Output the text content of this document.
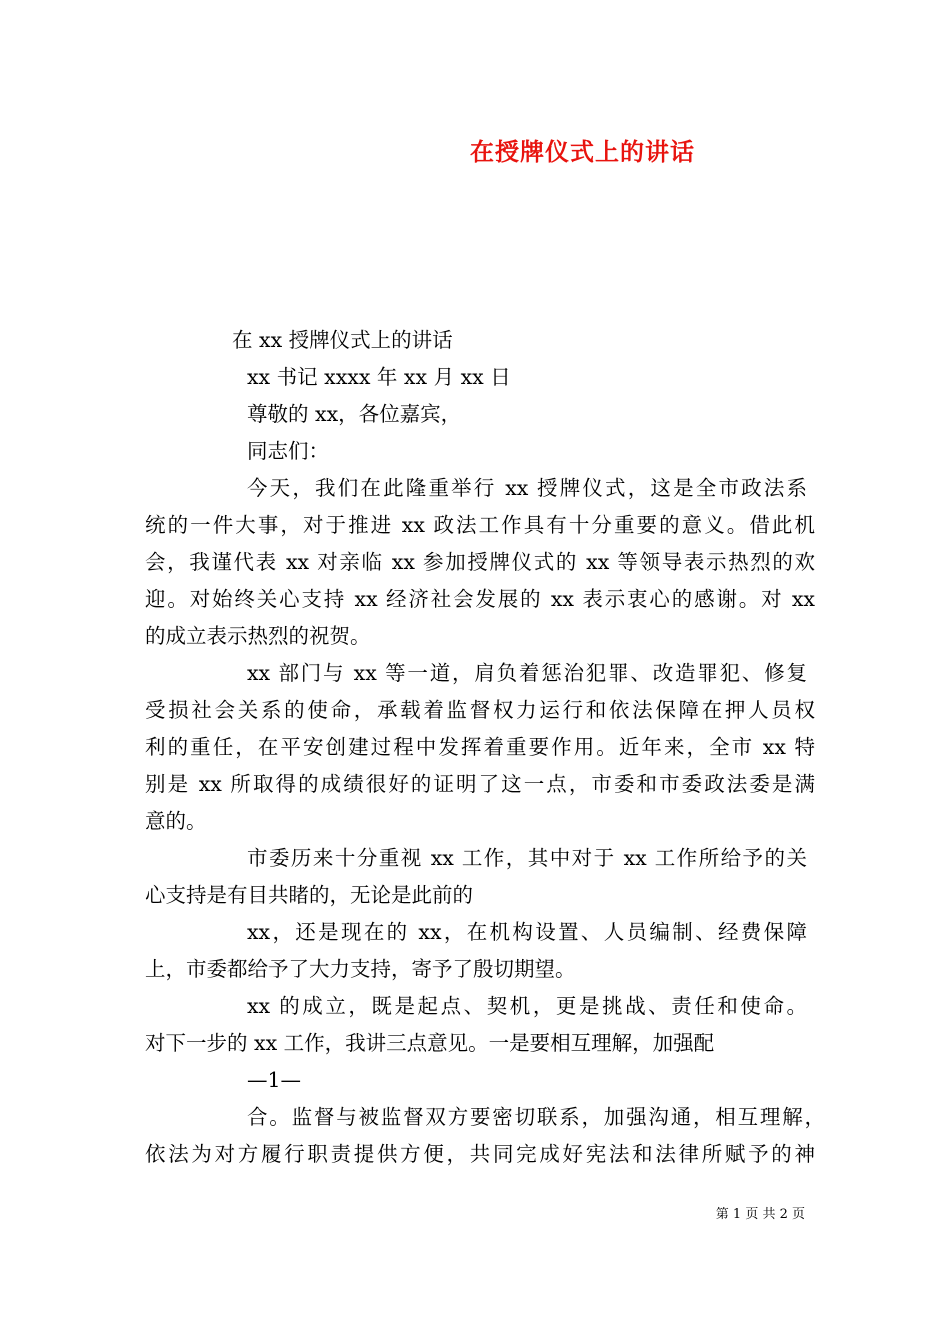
在授牌仪式上的讲话
在 xx 授牌仪式上的讲话
xx 书记 xxxx 年 xx 月 xx 日
尊敬的 xx，各位嘉宾，
同志们：
今天，我们在此隆重举行 xx 授牌仪式，这是全市政法系
统的一件大事，对于推进 xx 政法工作具有十分重要的意义。借此机
会，我谨代表 xx 对亲临 xx 参加授牌仪式的 xx 等领导表示热烈的欢
迎。对始终关心支持 xx 经济社会发展的 xx 表示衷心的感谢。对 xx
的成立表示热烈的祝贺。
xx 部门与 xx 等一道，肩负着惩治犯罪、改造罪犯、修复
受损社会关系的使命，承载着监督权力运行和依法保障在押人员权
利的重任，在平安创建过程中发挥着重要作用。近年来，全市 xx 特
别是 xx 所取得的成绩很好的证明了这一点，市委和市委政法委是满
意的。
市委历来十分重视 xx 工作，其中对于 xx 工作所给予的关
心支持是有目共睹的，无论是此前的
xx，还是现在的 xx，在机构设置、人员编制、经费保障
上，市委都给予了大力支持，寄予了殷切期望。
xx 的成立，既是起点、契机，更是挑战、责任和使命。
对下一步的 xx 工作，我讲三点意见。一是要相互理解，加强配
—1—
合。监督与被监督双方要密切联系，加强沟通，相互理解，
依法为对方履行职责提供方便，共同完成好宪法和法律所赋予的神
第 1 页 共 2 页
